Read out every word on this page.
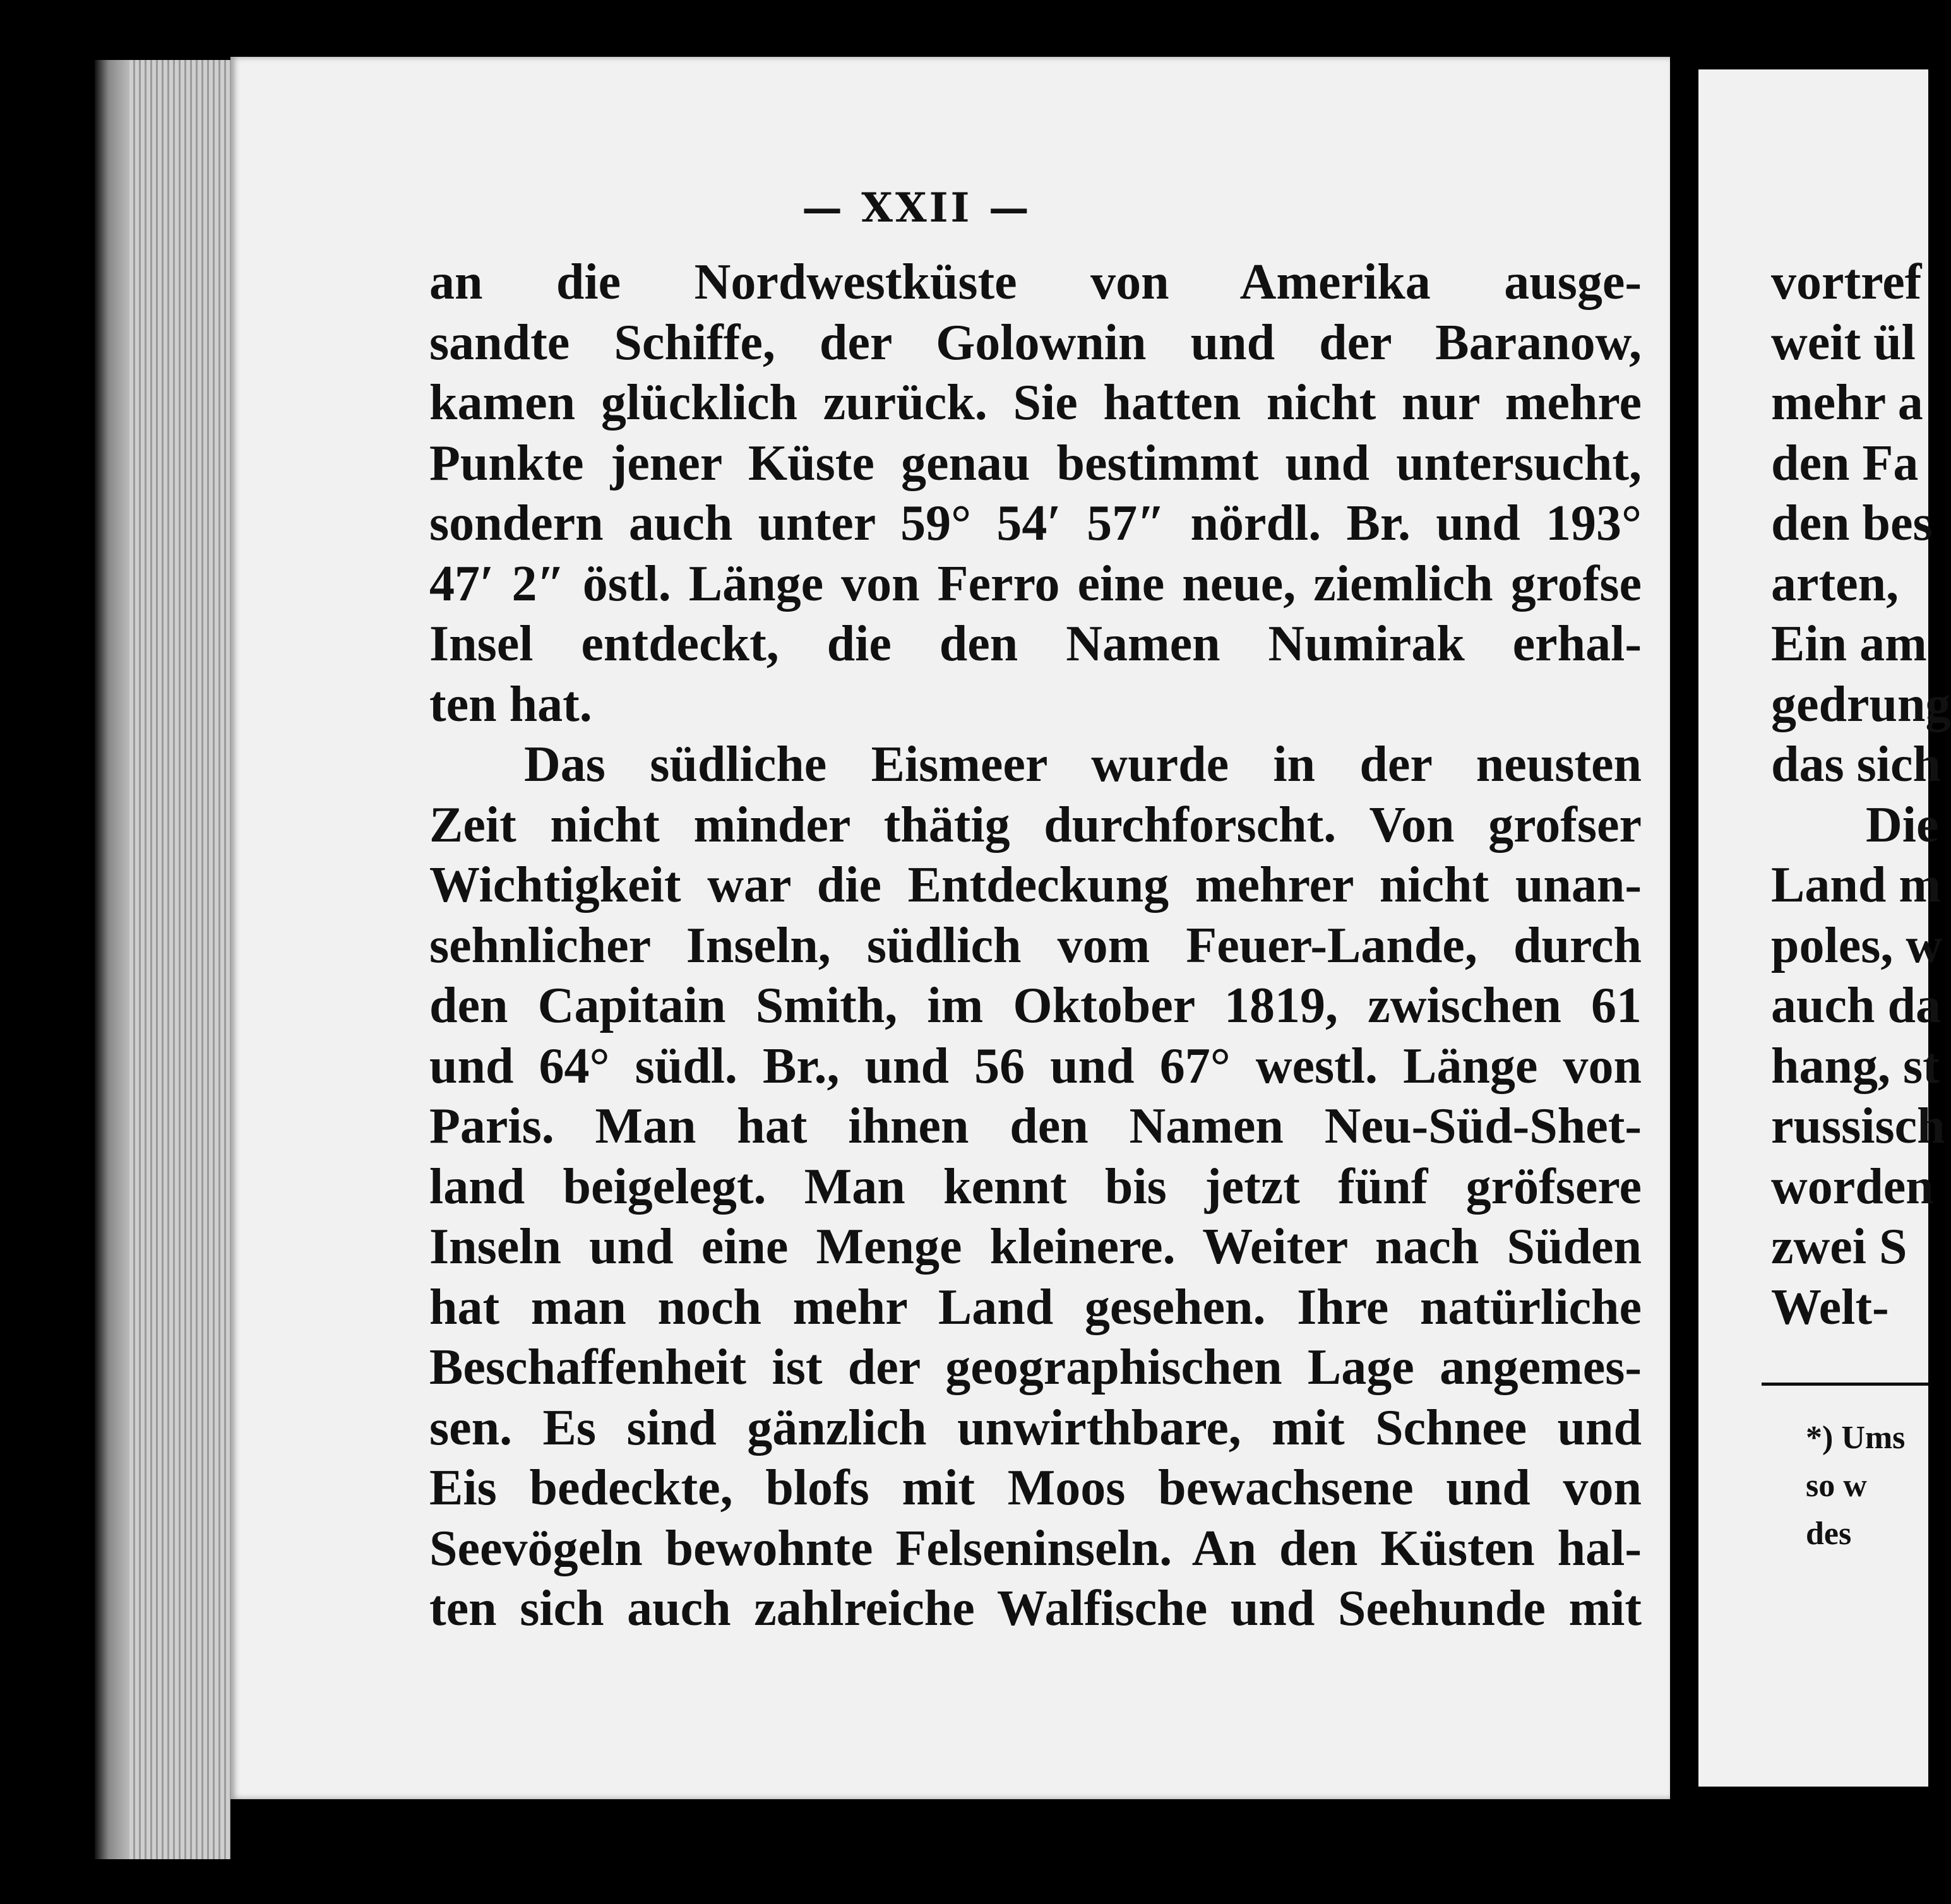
— XXII —
an die Nordwestküste von Amerika ausge-
sandte Schiffe, der Golownin und der Baranow,
kamen glücklich zurück. Sie hatten nicht nur mehre
Punkte jener Küste genau bestimmt und untersucht,
sondern auch unter 59° 54′ 57″ nördl. Br. und 193°
47′ 2″ östl. Länge von Ferro eine neue, ziemlich grofse
Insel entdeckt, die den Namen Numirak erhal-
ten hat.
Das südliche Eismeer wurde in der neusten
Zeit nicht minder thätig durchforscht. Von grofser
Wichtigkeit war die Entdeckung mehrer nicht unan-
sehnlicher Inseln, südlich vom Feuer-Lande, durch
den Capitain Smith, im Oktober 1819, zwischen 61
und 64° südl. Br., und 56 und 67° westl. Länge von
Paris. Man hat ihnen den Namen Neu-Süd-Shet-
land beigelegt. Man kennt bis jetzt fünf gröfsere
Inseln und eine Menge kleinere. Weiter nach Süden
hat man noch mehr Land gesehen. Ihre natürliche
Beschaffenheit ist der geographischen Lage angemes-
sen. Es sind gänzlich unwirthbare, mit Schnee und
Eis bedeckte, blofs mit Moos bewachsene und von
Seevögeln bewohnte Felseninseln. An den Küsten hal-
ten sich auch zahlreiche Walfische und Seehunde mit
vortref
weit ül
mehr a
den Fa
den bes
arten,
Ein am
gedrung
das sich
Die
Land m
poles, w
auch da
hang, st
russisch
worden
zwei S
Welt-
*) Ums
so w
des
